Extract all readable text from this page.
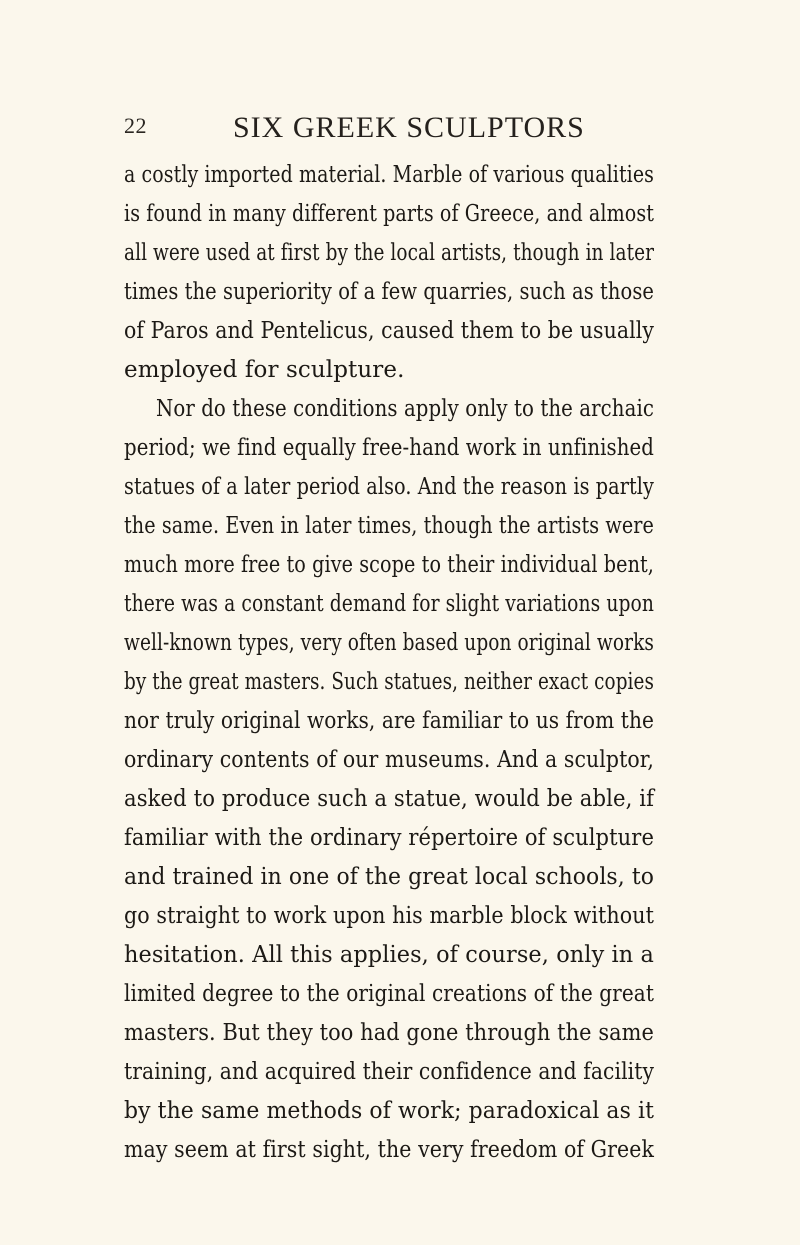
22	SIX GREEK SCULPTORS
a costly imported material. Marble of various qualities
is found in many different parts of Greece, and almost
all were used at first by the local artists, though in later
times the superiority of a few quarries, such as those
of Paros and Pentelicus, caused them to be usually
employed for sculpture.
Nor do these conditions apply only to the archaic
period; we find equally free-hand work in unfinished
statues of a later period also. And the reason is partly
the same. Even in later times, though the artists were
much more free to give scope to their individual bent,
there was a constant demand for slight variations upon
well-known types, very often based upon original works
by the great masters. Such statues, neither exact copies
nor truly original works, are familiar to us from the
ordinary contents of our museums. And a sculptor,
asked to produce such a statue, would be able, if
familiar with the ordinary répertoire of sculpture
and trained in one of the great local schools, to
go straight to work upon his marble block without
hesitation. All this applies, of course, only in a
limited degree to the original creations of the great
masters. But they too had gone through the same
training, and acquired their confidence and facility
by the same methods of work; paradoxical as it
may seem at first sight, the very freedom of Greek
